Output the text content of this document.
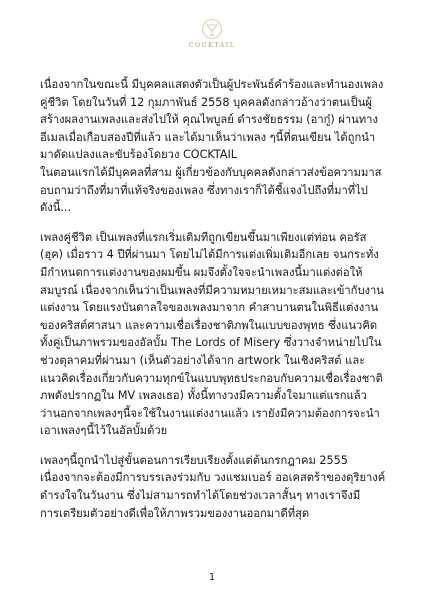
COCKTAIL

เนื่องจากในขณะนี้ มีบุคคลแสดงตัวเป็นผู้ประพันธ์คำร้องและทำนองเพลง คู่ชีวิต โดยในวันที่ 12 กุมภาพันธ์ 2558 บุคคลดังกล่าวอ้างว่าตนเป็นผู้สร้างผลงานเพลงและส่งไปให้ คุณไพบูลย์ ดำรงชัยธรรม (อากู๋) ผ่านทางอีเมลเมื่อเกือบสองปีที่แล้ว และได้มาเห็นว่าเพลง ๆนี้ที่ตนเขียน ได้ถูกนำมาดัดแปลงและขับร้องโดยวง COCKTAIL

ในตอนแรกได้มีบุคคลที่สาม ผู้เกี่ยวข้องกับบุคคลดังกล่าวส่งข้อความมาสอบถามว่าถึงที่มาที่แท้จริงของเพลง ซึ่งทางเราก็ได้ชี้แจงไปถึงที่มาที่ไปดังนี้...

เพลงคู่ชีวิต เป็นเพลงที่แรกเริ่มเดิมทีถูกเขียนขึ้นมาเพียงแต่ท่อน คอรัส (ฮุค) เมื่อราว 4 ปีที่ผ่านมา โดยไม่ได้มีการแต่งเพิ่มเติมอีกเลย จนกระทั่งมีกำหนดการแต่งงานของผมขึ้น ผมจึงตั้งใจจะนำเพลงนี้มาแต่งต่อให้สมบูรณ์ เนื่องจากเห็นว่าเป็นเพลงที่มีความหมายเหมาะสมและเข้ากับงานแต่งงาน โดยแรงบันดาลใจของเพลงมาจาก คำสาบานตนในพิธีแต่งงานของคริสต์ศาสนา และความเชื่อเรื่องชาติภพในแบบของพุทธ ซึ่งแนวคิดทั้งคู่เป็นภาพรวมของอัลบั้ม The Lords of Misery ซึ่งวางจำหน่ายไปในช่วงตุลาคมที่ผ่านมา (เห็นตัวอย่างได้จาก artwork ในเชิงคริสต์ และแนวคิดเรื่องเกี่ยวกับความทุกข์ในแบบพุทธประกอบกับความเชื่อเรื่องชาติภพดังปรากฏใน MV เพลงเธอ) ทั้งนี้ทางวงมีความตั้งใจมาแต่แรกแล้วว่านอกจากเพลงๆนี้จะใช้ในงานแต่งงานแล้ว เรายังมีความต้องการจะนำเอาเพลงๆนี้ไว้ในอัลบั้มด้วย

เพลงๆนี้ถูกนำไปสู่ขั้นตอนการเรียบเรียงตั้งแต่ต้นกรกฎาคม 2555 เนื่องจากจะต้องมีการบรรเลงร่วมกับ วงแชมเบอร์ ออเคสตร้าของดุริยางค์ดำรงใจในวันงาน ซึ่งไม่สามารถทำได้โดยช่วงเวลาสั้นๆ ทางเราจึงมีการเตรียมตัวอย่างดีเพื่อให้ภาพรวมของงานออกมาดีที่สุด

1
